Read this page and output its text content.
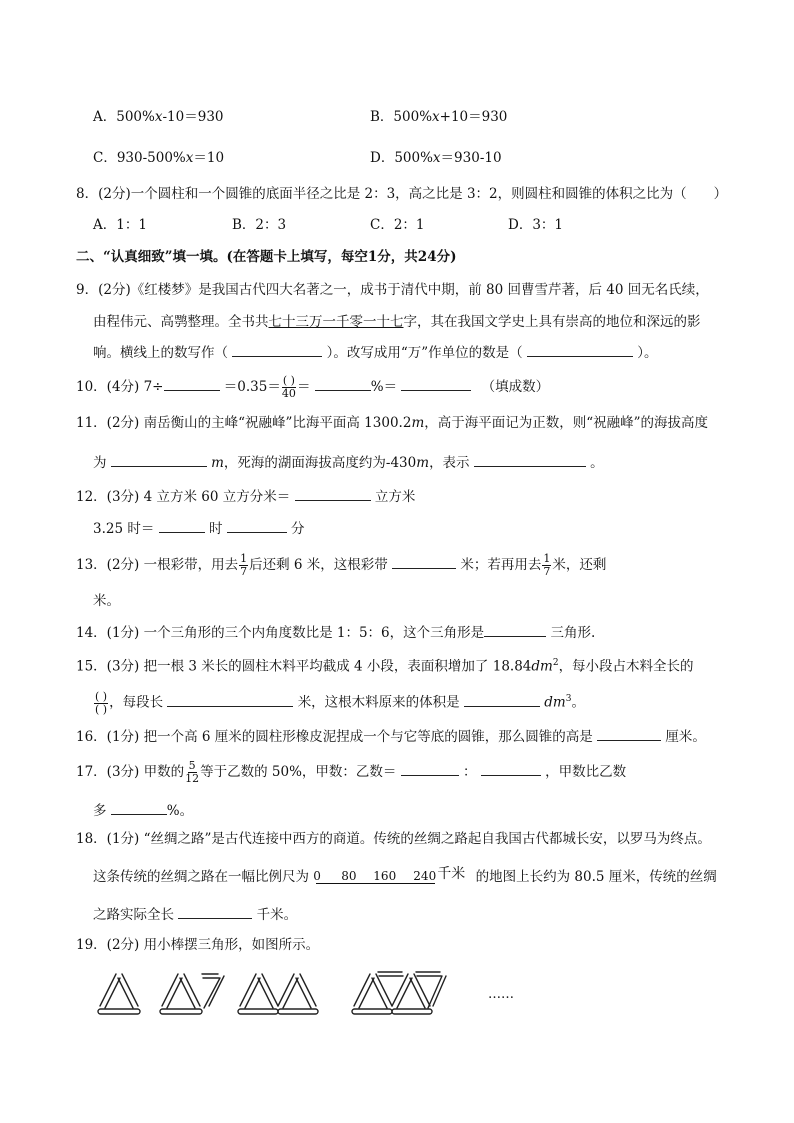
A．500%x-10＝930	B．500%x+10＝930
C．930-500%x＝10	D．500%x＝930-10
8．(2分)一个圆柱和一个圆锥的底面半径之比是 2：3，高之比是 3：2，则圆柱和圆锥的体积之比为（　　）
A．1：1	B．2：3	C．2：1	D．3：1
二、“认真细致”填一填。(在答题卡上填写，每空1分，共24分)
9．(2分)《红楼梦》是我国古代四大名著之一，成书于清代中期，前 80 回曹雪芹著，后 40 回无名氏续，
由程伟元、高鹗整理。全书共七十三万一千零一十七字，其在我国文学史上具有崇高的地位和深远的影
响。横线上的数写作（	）。改写成用“万”作单位的数是（	）。
10．(4分) 7÷	$=0.35= \frac{( )}{40}$ ＝	%＝	（填成数）
11．(2分) 南岳衡山的主峰“祝融峰”比海平面高 1300.2m，高于海平面记为正数，则“祝融峰”的海拔高度
为	m，死海的湖面海拔高度约为-430m，表示	。
12．(3分) 4 立方米 60 立方分米＝	立方米
3.25 时＝	时	分
13．(2分) 一根彩带，用去 $\frac{1}{7}$ 后还剩 6 米，这根彩带	米；若再用去 $\frac{1}{7}$ 米，还剩
米。
14．(1分) 一个三角形的三个内角度数比是 1：5：6，这个三角形是	三角形.
15．(3分) 把一根 3 米长的圆柱木料平均截成 4 小段，表面积增加了 $18.84dm^2$，每小段占木料全长的
$\frac{( )}{( )}$ ，每段长	米，这根木料原来的体积是	$dm^3$。
16．(1分) 把一个高 6 厘米的圆柱形橡皮泥捏成一个与它等底的圆锥，那么圆锥的高是	厘米。
17．(3分) 甲数的 $\frac{5}{12}$ 等于乙数的 50%，甲数：乙数＝	：	，甲数比乙数
多	%。
18．(1分) “丝绸之路”是古代连接中西方的商道。传统的丝绸之路起自我国古代都城长安，以罗马为终点。
这条传统的丝绸之路在一幅比例尺为 0 80 160 240 千米 的地图上长约为 80.5 厘米，传统的丝绸
之路实际全长	千米。
19．(2分) 用小棒摆三角形，如图所示。
……
